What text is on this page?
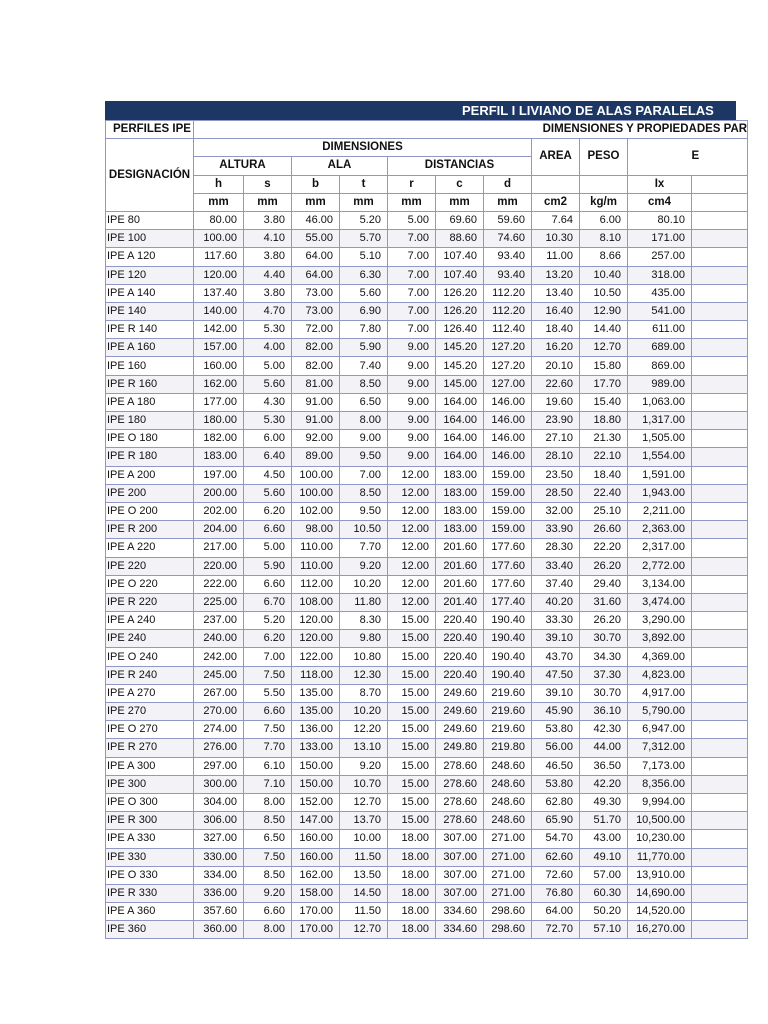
PERFIL I LIVIANO DE ALAS PARALELAS
PERFILES IPE	DIMENSIONES Y PROPIEDADES PAR										
DESIGNACIÓN	DIMENSIONES							AREA	PESO	E	
	ALTURA		ALA		DISTANCIAS						
	h	s	b	t	r	c	d			Ix	
	mm	mm	mm	mm	mm	mm	mm	cm2	kg/m	cm4	
IPE 80	80.00	3.80	46.00	5.20	5.00	69.60	59.60	7.64	6.00	80.10	
IPE 100	100.00	4.10	55.00	5.70	7.00	88.60	74.60	10.30	8.10	171.00	
IPE A 120	117.60	3.80	64.00	5.10	7.00	107.40	93.40	11.00	8.66	257.00	
IPE 120	120.00	4.40	64.00	6.30	7.00	107.40	93.40	13.20	10.40	318.00	
IPE A 140	137.40	3.80	73.00	5.60	7.00	126.20	112.20	13.40	10.50	435.00	
IPE 140	140.00	4.70	73.00	6.90	7.00	126.20	112.20	16.40	12.90	541.00	
IPE R 140	142.00	5.30	72.00	7.80	7.00	126.40	112.40	18.40	14.40	611.00	
IPE A 160	157.00	4.00	82.00	5.90	9.00	145.20	127.20	16.20	12.70	689.00	
IPE 160	160.00	5.00	82.00	7.40	9.00	145.20	127.20	20.10	15.80	869.00	
IPE R 160	162.00	5.60	81.00	8.50	9.00	145.00	127.00	22.60	17.70	989.00	
IPE A 180	177.00	4.30	91.00	6.50	9.00	164.00	146.00	19.60	15.40	1,063.00	
IPE 180	180.00	5.30	91.00	8.00	9.00	164.00	146.00	23.90	18.80	1,317.00	
IPE O 180	182.00	6.00	92.00	9.00	9.00	164.00	146.00	27.10	21.30	1,505.00	
IPE R 180	183.00	6.40	89.00	9.50	9.00	164.00	146.00	28.10	22.10	1,554.00	
IPE A 200	197.00	4.50	100.00	7.00	12.00	183.00	159.00	23.50	18.40	1,591.00	
IPE 200	200.00	5.60	100.00	8.50	12.00	183.00	159.00	28.50	22.40	1,943.00	
IPE O 200	202.00	6.20	102.00	9.50	12.00	183.00	159.00	32.00	25.10	2,211.00	
IPE R 200	204.00	6.60	98.00	10.50	12.00	183.00	159.00	33.90	26.60	2,363.00	
IPE A 220	217.00	5.00	110.00	7.70	12.00	201.60	177.60	28.30	22.20	2,317.00	
IPE 220	220.00	5.90	110.00	9.20	12.00	201.60	177.60	33.40	26.20	2,772.00	
IPE O 220	222.00	6.60	112.00	10.20	12.00	201.60	177.60	37.40	29.40	3,134.00	
IPE R 220	225.00	6.70	108.00	11.80	12.00	201.40	177.40	40.20	31.60	3,474.00	
IPE A 240	237.00	5.20	120.00	8.30	15.00	220.40	190.40	33.30	26.20	3,290.00	
IPE 240	240.00	6.20	120.00	9.80	15.00	220.40	190.40	39.10	30.70	3,892.00	
IPE O 240	242.00	7.00	122.00	10.80	15.00	220.40	190.40	43.70	34.30	4,369.00	
IPE R 240	245.00	7.50	118.00	12.30	15.00	220.40	190.40	47.50	37.30	4,823.00	
IPE A 270	267.00	5.50	135.00	8.70	15.00	249.60	219.60	39.10	30.70	4,917.00	
IPE 270	270.00	6.60	135.00	10.20	15.00	249.60	219.60	45.90	36.10	5,790.00	
IPE O 270	274.00	7.50	136.00	12.20	15.00	249.60	219.60	53.80	42.30	6,947.00	
IPE R 270	276.00	7.70	133.00	13.10	15.00	249.80	219.80	56.00	44.00	7,312.00	
IPE A 300	297.00	6.10	150.00	9.20	15.00	278.60	248.60	46.50	36.50	7,173.00	
IPE 300	300.00	7.10	150.00	10.70	15.00	278.60	248.60	53.80	42.20	8,356.00	
IPE O 300	304.00	8.00	152.00	12.70	15.00	278.60	248.60	62.80	49.30	9,994.00	
IPE R 300	306.00	8.50	147.00	13.70	15.00	278.60	248.60	65.90	51.70	10,500.00	
IPE A 330	327.00	6.50	160.00	10.00	18.00	307.00	271.00	54.70	43.00	10,230.00	
IPE 330	330.00	7.50	160.00	11.50	18.00	307.00	271.00	62.60	49.10	11,770.00	
IPE O 330	334.00	8.50	162.00	13.50	18.00	307.00	271.00	72.60	57.00	13,910.00	
IPE R 330	336.00	9.20	158.00	14.50	18.00	307.00	271.00	76.80	60.30	14,690.00	
IPE A 360	357.60	6.60	170.00	11.50	18.00	334.60	298.60	64.00	50.20	14,520.00	
IPE 360	360.00	8.00	170.00	12.70	18.00	334.60	298.60	72.70	57.10	16,270.00	
